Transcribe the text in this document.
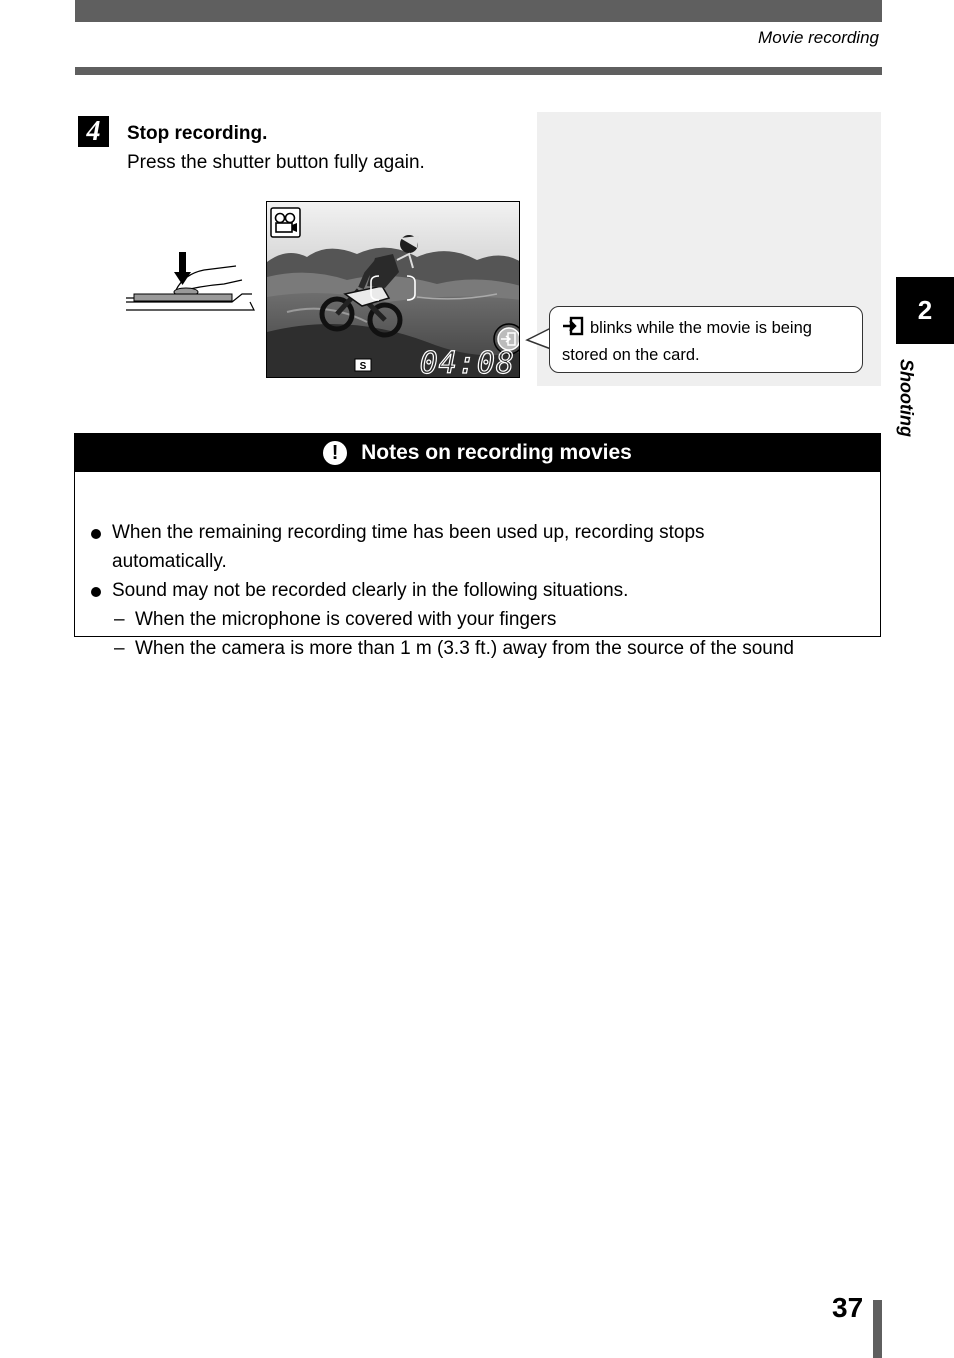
Movie recording
4	Stop recording.
Press the shutter button fully again.
S 04:08
blinks while the movie is being
stored on the card.
2
Shooting
!	Notes on recording movies
When the remaining recording time has been used up, recording stops
automatically.
Sound may not be recorded clearly in the following situations.
– When the microphone is covered with your fingers
– When the camera is more than 1 m (3.3 ft.) away from the source of the sound
37
